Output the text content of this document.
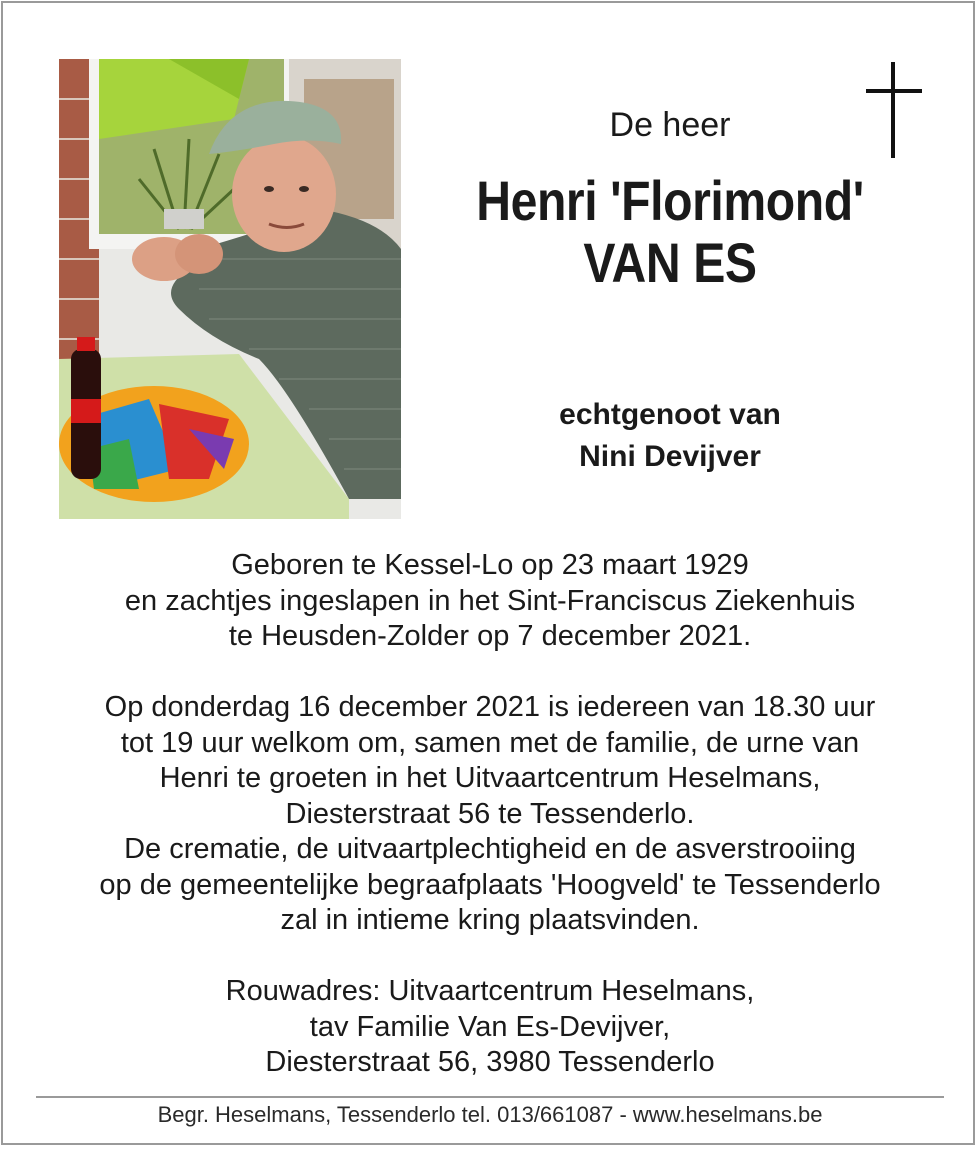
De heer
Henri 'Florimond'
VAN ES
echtgenoot van
Nini Devijver
Geboren te Kessel-Lo op 23 maart 1929
en zachtjes ingeslapen in het Sint-Franciscus Ziekenhuis
te Heusden-Zolder op 7 december 2021.
Op donderdag 16 december 2021 is iedereen van 18.30 uur
tot 19 uur welkom om, samen met de familie, de urne van
Henri te groeten in het Uitvaartcentrum Heselmans,
Diesterstraat 56 te Tessenderlo.
De crematie, de uitvaartplechtigheid en de asverstrooiing
op de gemeentelijke begraafplaats 'Hoogveld' te Tessenderlo
zal in intieme kring plaatsvinden.
Rouwadres: Uitvaartcentrum Heselmans,
tav Familie Van Es-Devijver,
Diesterstraat 56, 3980 Tessenderlo
Begr. Heselmans, Tessenderlo tel. 013/661087 - www.heselmans.be
